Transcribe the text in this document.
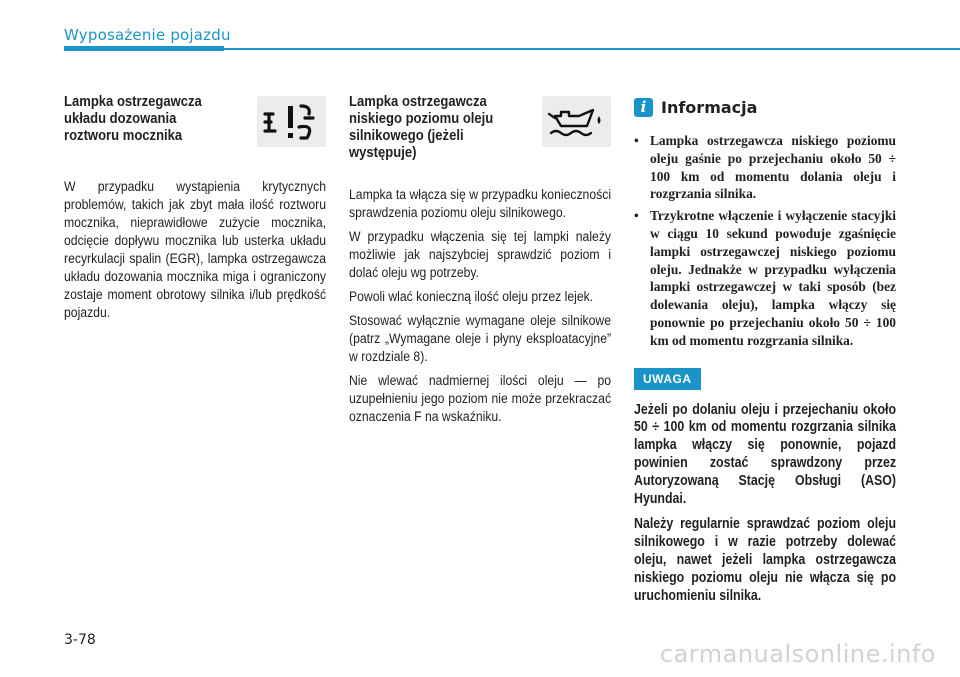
Wyposażenie pojazdu
Lampka ostrzegawcza układu dozowania roztworu mocznika

W przypadku wystąpienia krytycznych problemów, takich jak zbyt mała ilość roztworu mocznika, nieprawidłowe zużycie mocznika, odcięcie dopływu mocznika lub usterka układu recyrkulacji spalin (EGR), lampka ostrzegawcza układu dozowania mocznika miga i ograniczony zostaje moment obrotowy silnika i/lub prędkość pojazdu.

Lampka ostrzegawcza niskiego poziomu oleju silnikowego (jeżeli występuje)

Lampka ta włącza się w przypadku konieczności sprawdzenia poziomu oleju silnikowego.

W przypadku włączenia się tej lampki należy możliwie jak najszybciej sprawdzić poziom i dolać oleju wg potrzeby.

Powoli wlać konieczną ilość oleju przez lejek.

Stosować wyłącznie wymagane oleje silnikowe (patrz „Wymagane oleje i płyny eksploatacyjne” w rozdziale 8).

Nie wlewać nadmiernej ilości oleju — po uzupełnieniu jego poziom nie może przekraczać oznaczenia F na wskaźniku.

i Informacja
• Lampka ostrzegawcza niskiego poziomu oleju gaśnie po przejechaniu około 50 ÷ 100 km od momentu dolania oleju i rozgrzania silnika.
• Trzykrotne włączenie i wyłączenie stacyjki w ciągu 10 sekund powoduje zgaśnięcie lampki ostrzegawczej niskiego poziomu oleju. Jednakże w przypadku wyłączenia lampki ostrzegawczej w taki sposób (bez dolewania oleju), lampka włączy się ponownie po przejechaniu około 50 ÷ 100 km od momentu rozgrzania silnika.
UWAGA

Jeżeli po dolaniu oleju i przejechaniu około 50 ÷ 100 km od momentu rozgrzania silnika lampka włączy się ponownie, pojazd powinien zostać sprawdzony przez Autoryzowaną Stację Obsługi (ASO) Hyundai.

Należy regularnie sprawdzać poziom oleju silnikowego i w razie potrzeby dolewać oleju, nawet jeżeli lampka ostrzegawcza niskiego poziomu oleju nie włącza się po uruchomieniu silnika.

3-78	carmanualsonline.info
